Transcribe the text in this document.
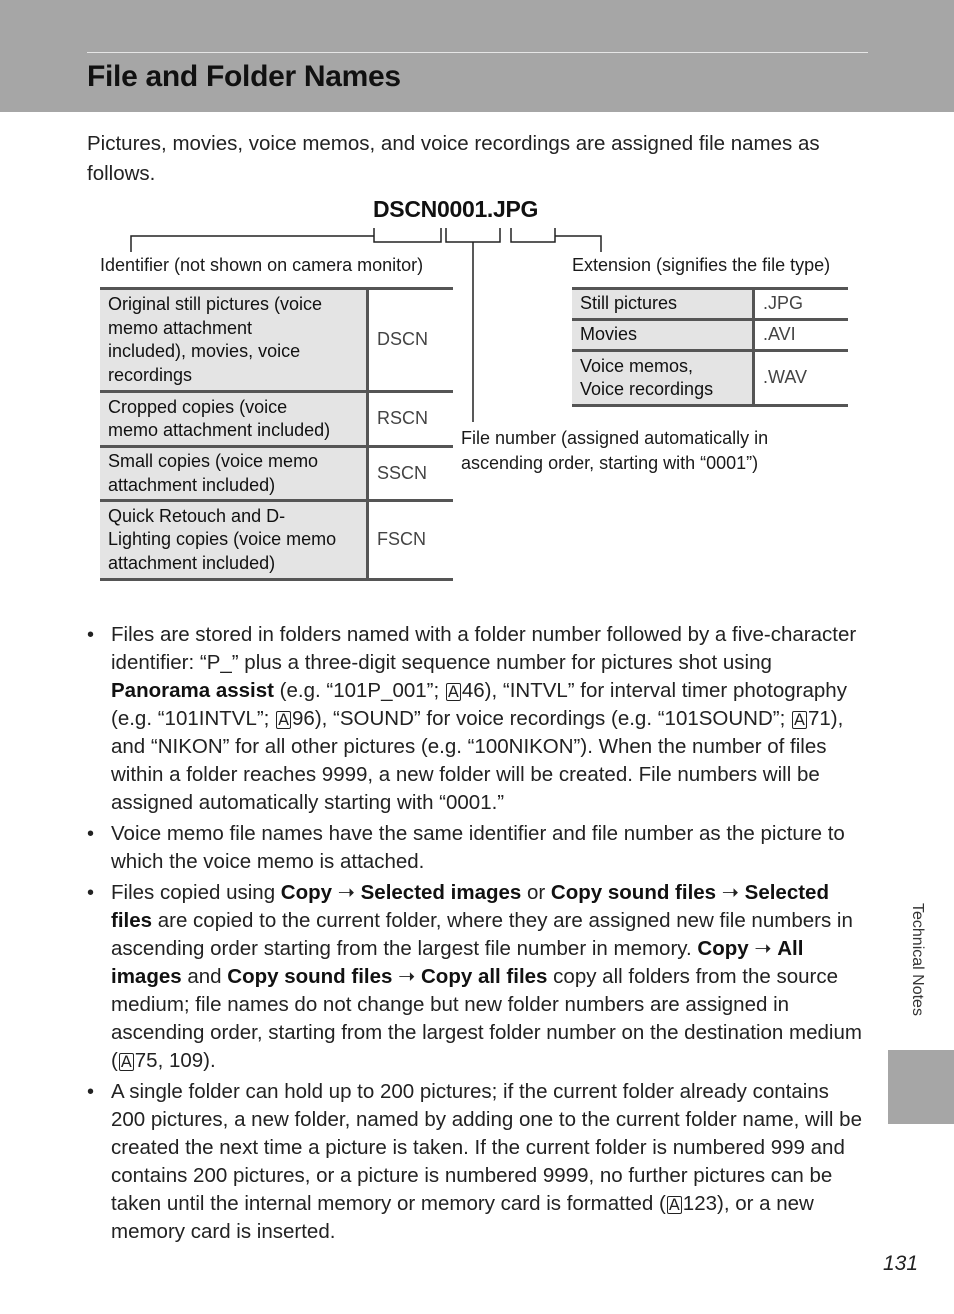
File and Folder Names

Pictures, movies, voice memos, and voice recordings are assigned file names as follows.

DSCN0001.JPG
Identifier (not shown on camera monitor)	Extension (signifies the file type)
File number (assigned automatically in
ascending order, starting with “0001”)
Original still pictures (voice
memo attachment
included), movies, voice
recordings	DSCN
Cropped copies (voice
memo attachment included)	RSCN
Small copies (voice memo
attachment included)	SSCN
Quick Retouch and D-
Lighting copies (voice memo
attachment included)	FSCN
Still pictures	.JPG
Movies	.AVI
Voice memos,
Voice recordings	.WAV
• Files are stored in folders named with a folder number followed by a five-character identifier: “P_” plus a three-digit sequence number for pictures shot using Panorama assist (e.g. “101P_001”; A 46), “INTVL” for interval timer photography (e.g. “101INTVL”; A 96), “SOUND” for voice recordings (e.g. “101SOUND”; A 71), and “NIKON” for all other pictures (e.g. “100NIKON”). When the number of files within a folder reaches 9999, a new folder will be created. File numbers will be assigned automatically starting with “0001.”
• Voice memo file names have the same identifier and file number as the picture to which the voice memo is attached.
• Files copied using Copy ➝ Selected images or Copy sound files ➝ Selected files are copied to the current folder, where they are assigned new file numbers in ascending order starting from the largest file number in memory. Copy ➝ All images and Copy sound files ➝ Copy all files copy all folders from the source medium; file names do not change but new folder numbers are assigned in ascending order, starting from the largest folder number on the destination medium ( A 75, 109).
• A single folder can hold up to 200 pictures; if the current folder already contains 200 pictures, a new folder, named by adding one to the current folder name, will be created the next time a picture is taken. If the current folder is numbered 999 and contains 200 pictures, or a picture is numbered 9999, no further pictures can be taken until the internal memory or memory card is formatted ( A 123), or a new memory card is inserted.
Technical Notes
131
